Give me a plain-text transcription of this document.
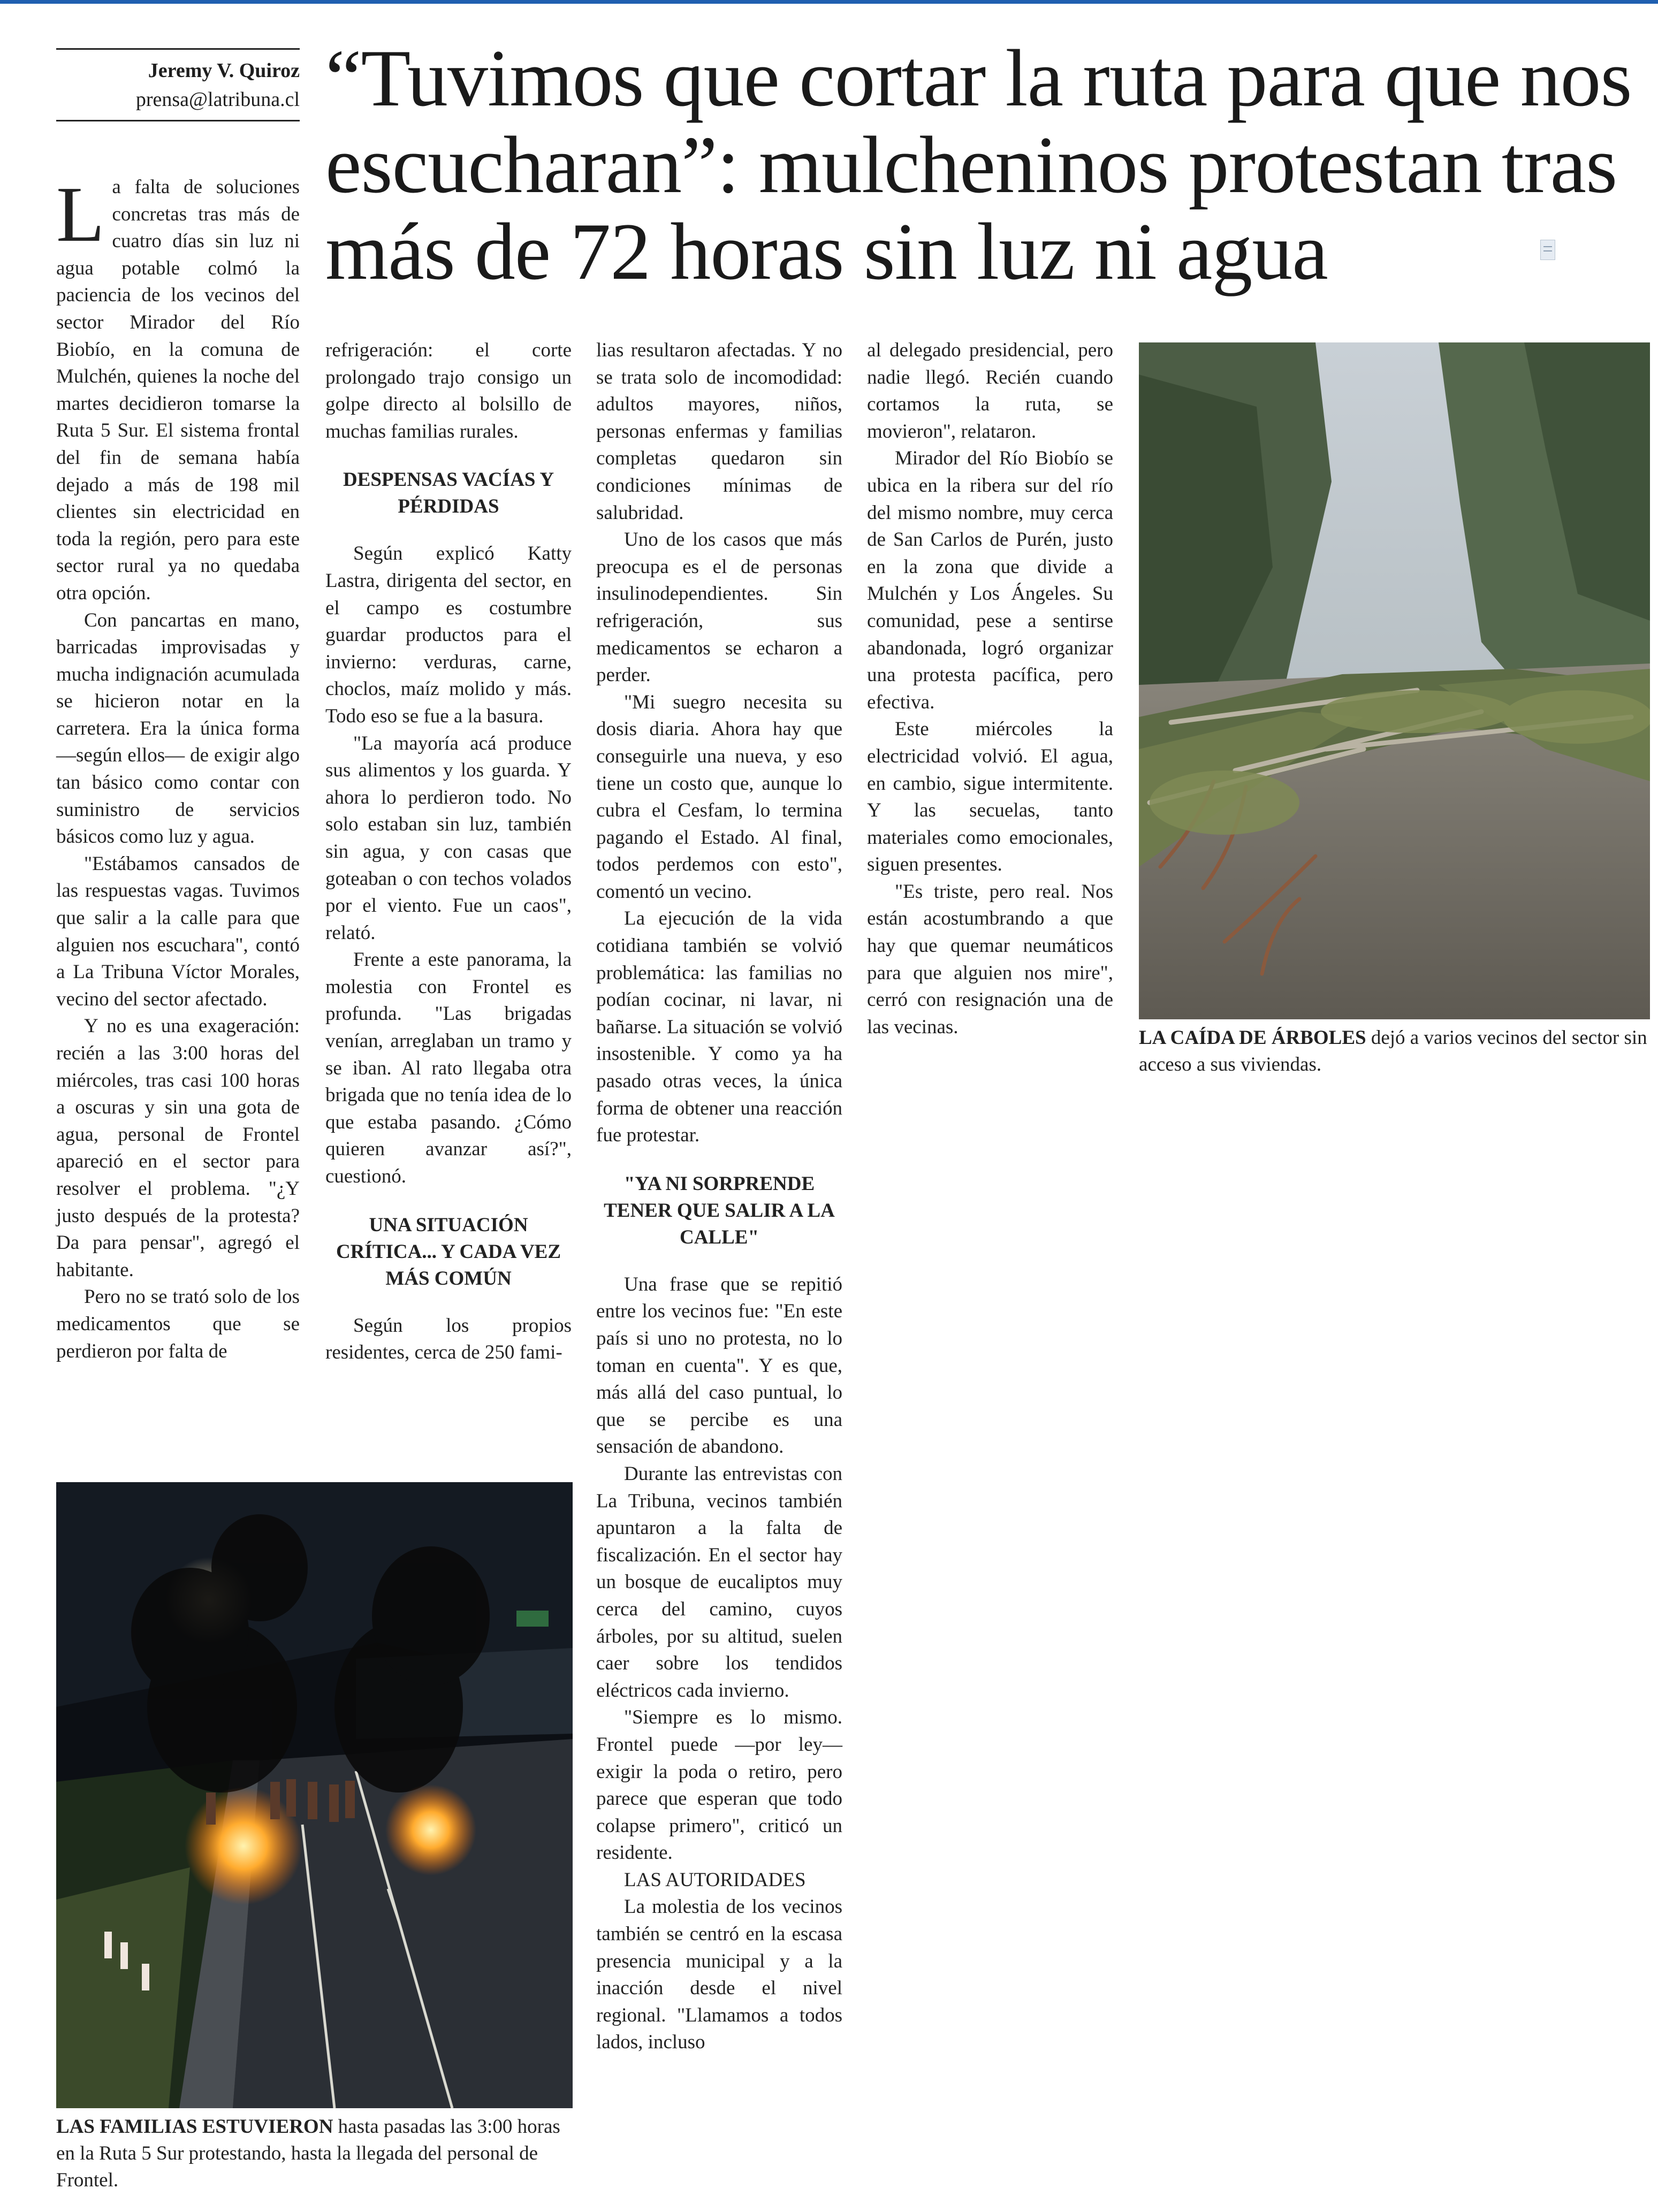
Jeremy V. Quiroz
prensa@latribuna.cl “Tuvimos que cortar la ruta para que nos escucharan”: mulcheninos protestan tras más de 72 horas sin luz ni agua
L a falta de soluciones concretas tras más de cuatro días sin luz ni agua potable colmó la paciencia de los vecinos del sector Mirador del Río Biobío, en la comuna de Mulchén, quienes la noche del martes decidieron tomarse la Ruta 5 Sur. El sistema frontal del fin de semana había dejado a más de 198 mil clientes sin electricidad en toda la región, pero para este sector rural ya no quedaba otra opción.

Con pancartas en mano, barricadas improvisadas y mucha indignación acumulada se hicieron notar en la carretera. Era la única forma —según ellos— de exigir algo tan básico como contar con suministro de servicios básicos como luz y agua.

"Estábamos cansados de las respuestas vagas. Tuvimos que salir a la calle para que alguien nos escuchara", contó a La Tribuna Víctor Morales, vecino del sector afectado.

Y no es una exageración: recién a las 3:00 horas del miércoles, tras casi 100 horas a oscuras y sin una gota de agua, personal de Frontel apareció en el sector para resolver el problema. "¿Y justo después de la protesta? Da para pensar", agregó el habitante.

Pero no se trató solo de los medicamentos que se perdieron por falta de

refrigeración: el corte prolongado trajo consigo un golpe directo al bolsillo de muchas familias rurales.

DESPENSAS VACÍAS Y PÉRDIDAS

Según explicó Katty Lastra, dirigenta del sector, en el campo es costumbre guardar productos para el invierno: verduras, carne, choclos, maíz molido y más. Todo eso se fue a la basura.

"La mayoría acá produce sus alimentos y los guarda. Y ahora lo perdieron todo. No solo estaban sin luz, también sin agua, y con casas que goteaban o con techos volados por el viento. Fue un caos", relató.

Frente a este panorama, la molestia con Frontel es profunda. "Las brigadas venían, arreglaban un tramo y se iban. Al rato llegaba otra brigada que no tenía idea de lo que estaba pasando. ¿Cómo quieren avanzar así?", cuestionó.

UNA SITUACIÓN CRÍTICA... Y CADA VEZ MÁS COMÚN

Según los propios residentes, cerca de 250 fami-

lias resultaron afectadas. Y no se trata solo de incomodidad: adultos mayores, niños, personas enfermas y familias completas quedaron sin condiciones mínimas de salubridad.

Uno de los casos que más preocupa es el de personas insulinodependientes. Sin refrigeración, sus medicamentos se echaron a perder.

"Mi suegro necesita su dosis diaria. Ahora hay que conseguirle una nueva, y eso tiene un costo que, aunque lo cubra el Cesfam, lo termina pagando el Estado. Al final, todos perdemos con esto", comentó un vecino.

La ejecución de la vida cotidiana también se volvió problemática: las familias no podían cocinar, ni lavar, ni bañarse. La situación se volvió insostenible. Y como ya ha pasado otras veces, la única forma de obtener una reacción fue protestar.

"YA NI SORPRENDE TENER QUE SALIR A LA CALLE"

Una frase que se repitió entre los vecinos fue: "En este país si uno no protesta, no lo toman en cuenta". Y es que, más allá del caso puntual, lo que se percibe es una sensación de abandono.

Durante las entrevistas con La Tribuna, vecinos también apuntaron a la falta de fiscalización. En el sector hay un bosque de eucaliptos muy cerca del camino, cuyos árboles, por su altitud, suelen caer sobre los tendidos eléctricos cada invierno.

"Siempre es lo mismo. Frontel puede —por ley— exigir la poda o retiro, pero parece que esperan que todo colapse primero", criticó un residente.

LAS AUTORIDADES

La molestia de los vecinos también se centró en la escasa presencia municipal y a la inacción desde el nivel regional. "Llamamos a todos lados, incluso

al delegado presidencial, pero nadie llegó. Recién cuando cortamos la ruta, se movieron", relataron.

Mirador del Río Biobío se ubica en la ribera sur del río del mismo nombre, muy cerca de San Carlos de Purén, justo en la zona que divide a Mulchén y Los Ángeles. Su comunidad, pese a sentirse abandonada, logró organizar una protesta pacífica, pero efectiva.

Este miércoles la electricidad volvió. El agua, en cambio, sigue intermitente. Y las secuelas, tanto materiales como emocionales, siguen presentes.

"Es triste, pero real. Nos están acostumbrando a que hay que quemar neumáticos para que alguien nos mire", cerró con resignación una de las vecinas.	LA CAÍDA DE ÁRBOLES dejó a varios vecinos del sector sin acceso a sus viviendas.
LAS FAMILIAS ESTUVIERON hasta pasadas las 3:00 horas en la Ruta 5 Sur protestando, hasta la llegada del personal de Frontel.
